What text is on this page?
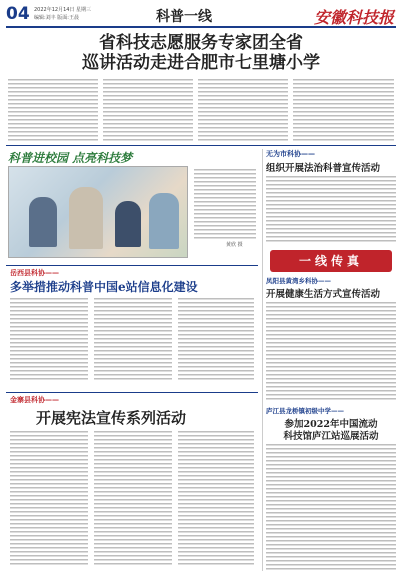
04 2022年12月14日 星期三
编辑:刘丰 版面:王晨	科普一线	安徽科技报
省科技志愿服务专家团全省
巡讲活动走进合肥市七里塘小学
科普进校园 点亮科技梦
黄欣 摄
岳西县科协——
多举措推动科普中国e站信息化建设
金寨县科协——
开展宪法宣传系列活动
无为市科协——
组织开展法治科普宣传活动
一线传真
凤阳县黄湾乡科协——
开展健康生活方式宣传活动
庐江县龙桥镇初级中学——
参加2022年中国流动
科技馆庐江站巡展活动
